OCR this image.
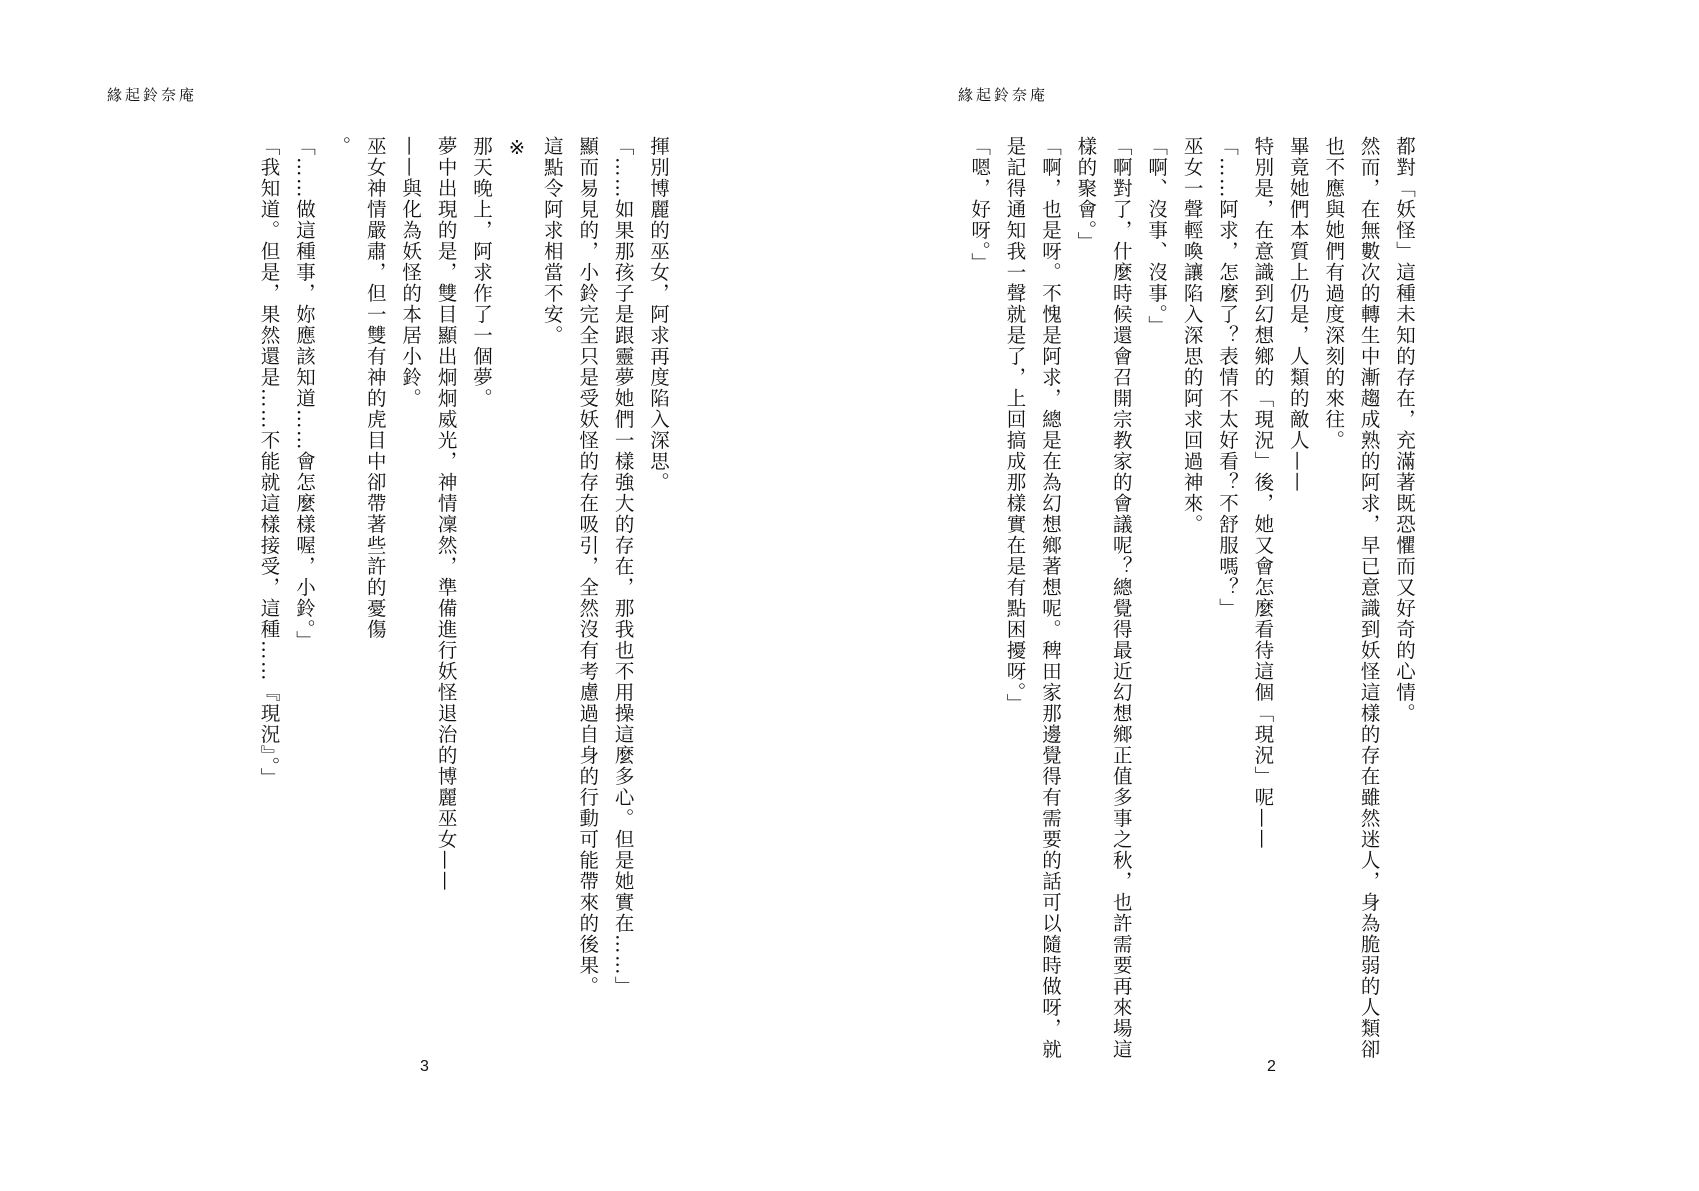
緣起鈴奈庵
揮別博麗的巫女，阿求再度陷入深思。
「……如果那孩子是跟靈夢她們一樣強大的存在，那我也不用操這麼多心。但是她實在……」
顯而易見的，小鈴完全只是受妖怪的存在吸引，全然沒有考慮過自身的行動可能帶來的後果。
這點令阿求相當不安。
※
那天晚上，阿求作了一個夢。
夢中出現的是，雙目顯出炯炯威光，神情凜然，準備進行妖怪退治的博麗巫女——
——與化為妖怪的本居小鈴。
巫女神情嚴肅，但一雙有神的虎目中卻帶著些許的憂傷
。
「……做這種事，妳應該知道……會怎麼樣喔，小鈴。」
「我知道。但是，果然還是……不能就這樣接受，這種……『現況』。」
3
緣起鈴奈庵
都對「妖怪」這種未知的存在，充滿著既恐懼而又好奇的心情。
然而，在無數次的轉生中漸趨成熟的阿求，早已意識到妖怪這樣的存在雖然迷人，身為脆弱的人類卻
也不應與她們有過度深刻的來往。
畢竟她們本質上仍是，人類的敵人——
特別是，在意識到幻想鄉的「現況」後，她又會怎麼看待這個「現況」呢——
「……阿求，怎麼了？表情不太好看？不舒服嗎？」
巫女一聲輕喚讓陷入深思的阿求回過神來。
「啊、沒事、沒事。」
「啊對了，什麼時候還會召開宗教家的會議呢？總覺得最近幻想鄉正值多事之秋，也許需要再來場這
樣的聚會。」
「啊，也是呀。不愧是阿求，總是在為幻想鄉著想呢。稗田家那邊覺得有需要的話可以隨時做呀，就
是記得通知我一聲就是了，上回搞成那樣實在是有點困擾呀。」
「嗯，好呀。」
2
